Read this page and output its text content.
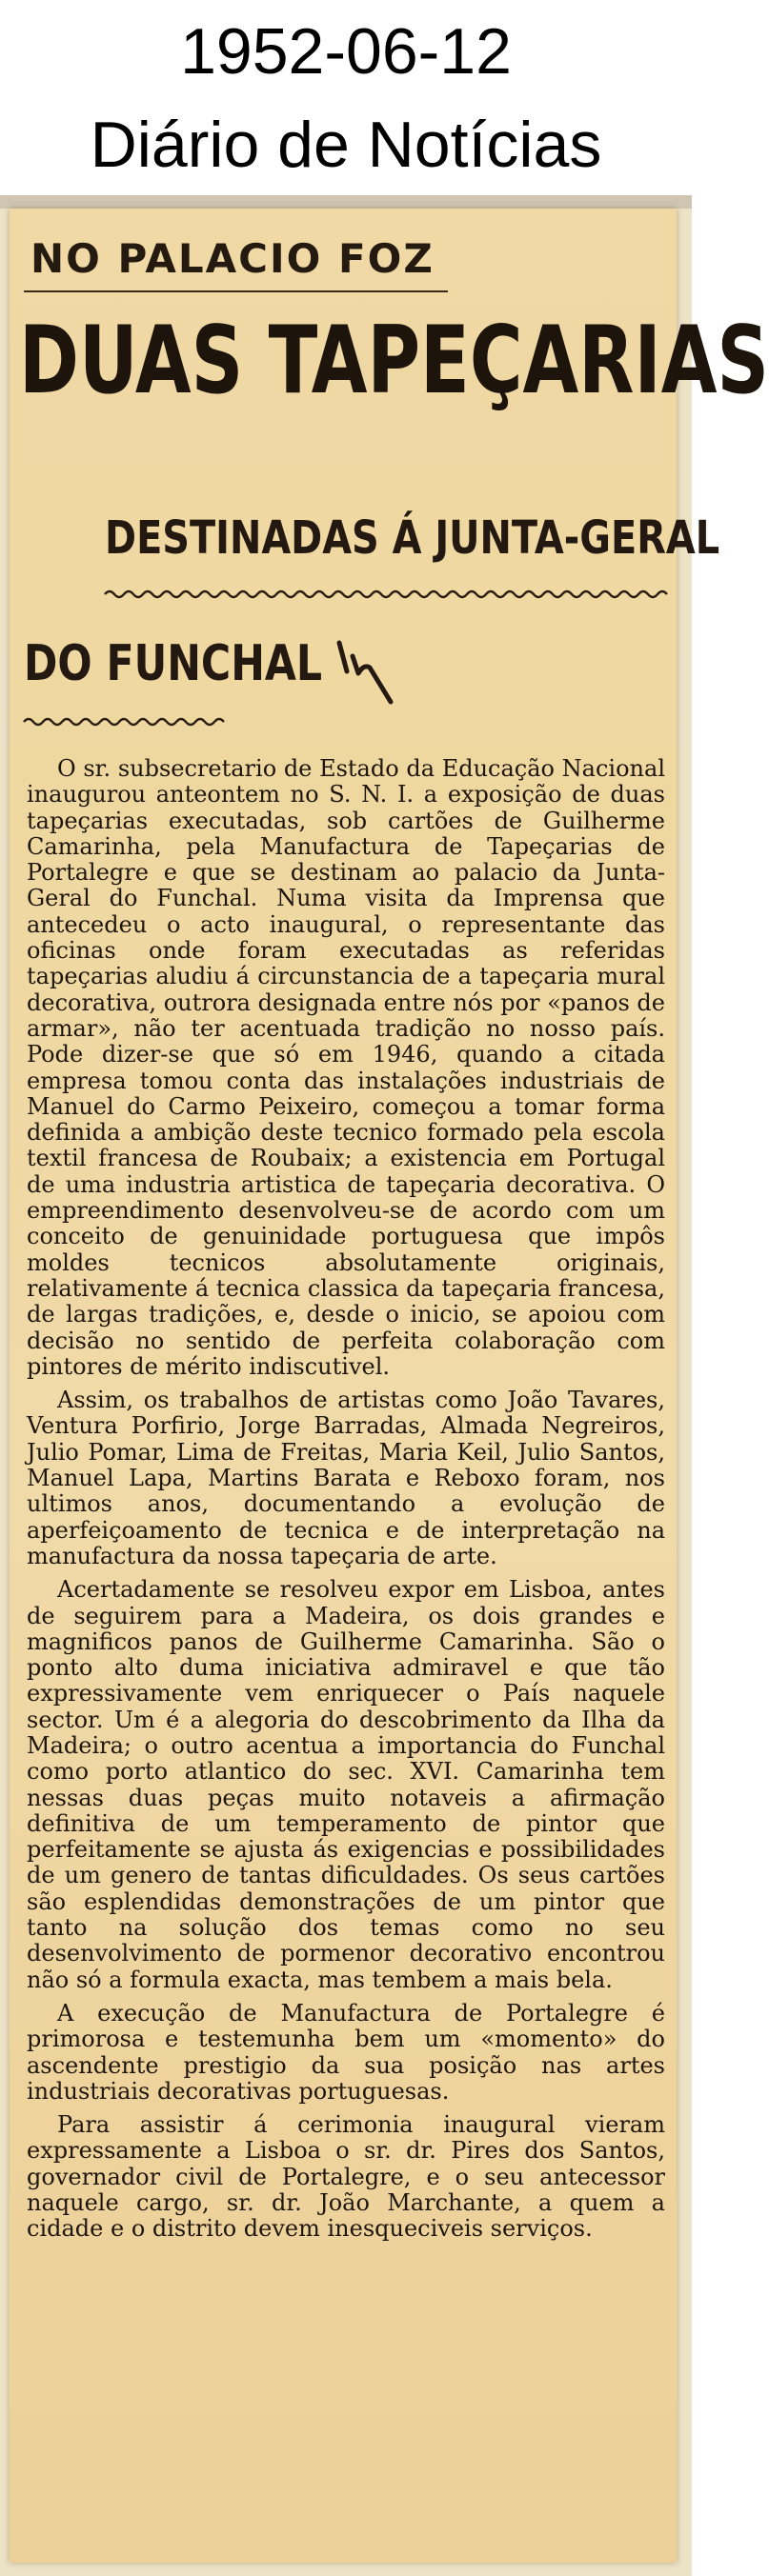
1952-06-12
Diário de Notícias
NO PALACIO FOZ
DUAS TAPEÇARIAS
DESTINADAS Á JUNTA-GERAL
DO FUNCHAL

O sr. subsecretario de Estado da Educação Nacional inaugurou anteontem no S. N. I. a exposição de duas tapeçarias executadas, sob cartões de Guilherme Camarinha, pela Manufactura de Tapeçarias de Portalegre e que se destinam ao palacio da Junta-Geral do Funchal. Numa visita da Imprensa que antecedeu o acto inaugural, o representante das oficinas onde foram executadas as referidas tapeçarias aludiu á circunstancia de a tapeçaria mural decorativa, outrora designada entre nós por «panos de armar», não ter acentuada tradição no nosso país. Pode dizer-se que só em 1946, quando a citada empresa tomou conta das instalações industriais de Manuel do Carmo Peixeiro, começou a tomar forma definida a ambição deste tecnico formado pela escola textil francesa de Roubaix; a existencia em Portugal de uma industria artistica de tapeçaria decorativa. O empreendimento desenvolveu-se de acordo com um conceito de genuinidade portuguesa que impôs moldes tecnicos absolutamente originais, relativamente á tecnica classica da tapeçaria francesa, de largas tradições, e, desde o inicio, se apoiou com decisão no sentido de perfeita colaboração com pintores de mérito indiscutivel.

Assim, os trabalhos de artistas como João Tavares, Ventura Porfirio, Jorge Barradas, Almada Negreiros, Julio Pomar, Lima de Freitas, Maria Keil, Julio Santos, Manuel Lapa, Martins Barata e Reboxo foram, nos ultimos anos, documentando a evolução de aperfeiçoamento de tecnica e de interpretação na manufactura da nossa tapeçaria de arte.

Acertadamente se resolveu expor em Lisboa, antes de seguirem para a Madeira, os dois grandes e magnificos panos de Guilherme Camarinha. São o ponto alto duma iniciativa admiravel e que tão expressivamente vem enriquecer o País naquele sector. Um é a alegoria do descobrimento da Ilha da Madeira; o outro acentua a importancia do Funchal como porto atlantico do sec. XVI. Camarinha tem nessas duas peças muito notaveis a afirmação definitiva de um temperamento de pintor que perfeitamente se ajusta ás exigencias e possibilidades de um genero de tantas dificuldades. Os seus cartões são esplendidas demonstrações de um pintor que tanto na solução dos temas como no seu desenvolvimento de pormenor decorativo encontrou não só a formula exacta, mas tembem a mais bela.

A execução de Manufactura de Portalegre é primorosa e testemunha bem um «momento» do ascendente prestigio da sua posição nas artes industriais decorativas portuguesas.

Para assistir á cerimonia inaugural vieram expressamente a Lisboa o sr. dr. Pires dos Santos, governador civil de Portalegre, e o seu antecessor naquele cargo, sr. dr. João Marchante, a quem a cidade e o distrito devem inesqueciveis serviços.
